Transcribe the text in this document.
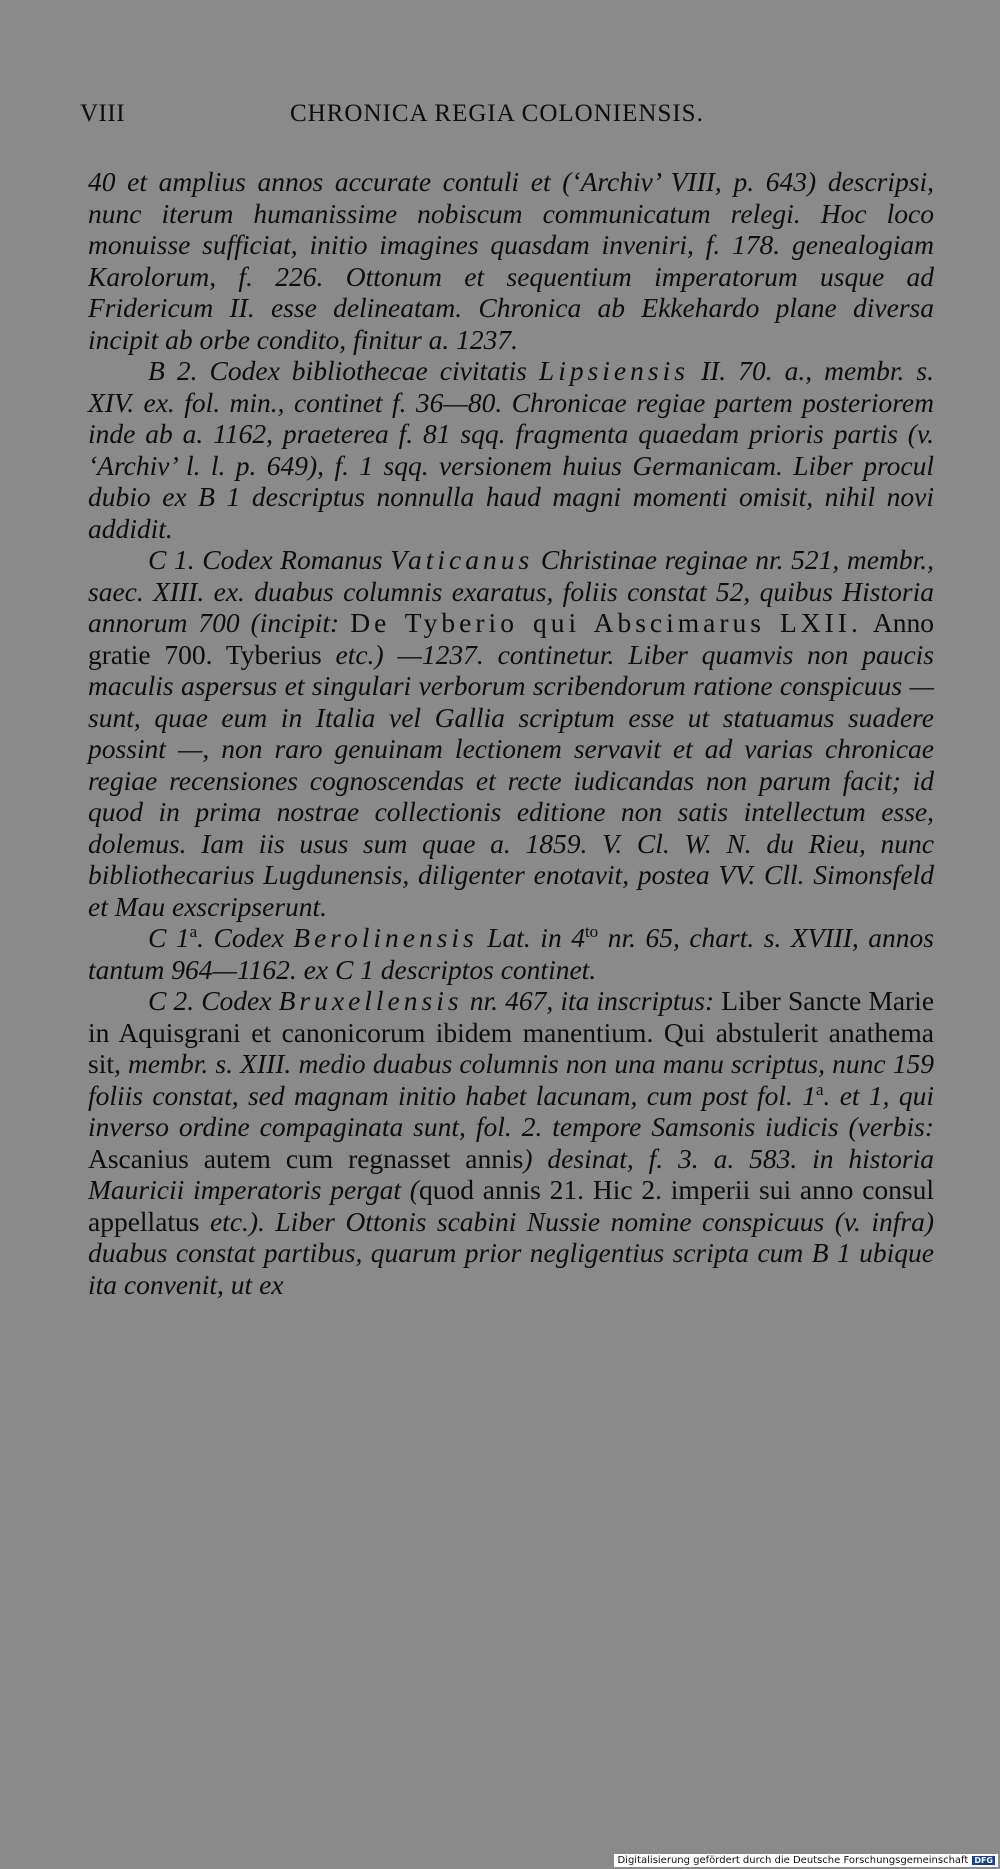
VIII	CHRONICA REGIA COLONIENSIS.

40 et amplius annos accurate contuli et (‘Archiv’ VIII, p. 643) descripsi, nunc iterum humanissime nobiscum communicatum relegi. Hoc loco monuisse sufficiat, initio imagines quasdam inveniri, f. 178. genealogiam Karolorum, f. 226. Ottonum et sequentium imperatorum usque ad Fridericum II. esse delineatam. Chronica ab Ekkehardo plane diversa incipit ab orbe condito, finitur a. 1237.

B 2. Codex bibliothecae civitatis Lipsiensis II. 70. a., membr. s. XIV. ex. fol. min., continet f. 36—80. Chronicae regiae partem posteriorem inde ab a. 1162, praeterea f. 81 sqq. fragmenta quaedam prioris partis (v. ‘Archiv’ l. l. p. 649), f. 1 sqq. versionem huius Germanicam. Liber procul dubio ex B 1 descriptus nonnulla haud magni momenti omisit, nihil novi addidit.

C 1. Codex Romanus Vaticanus Christinae reginae nr. 521, membr., saec. XIII. ex. duabus columnis exaratus, foliis constat 52, quibus Historia annorum 700 (incipit: De Tyberio qui Abscimarus LXII. Anno gratie 700. Tyberius etc.) —1237. continetur. Liber quamvis non paucis maculis aspersus et singulari verborum scribendorum ratione conspicuus — sunt, quae eum in Italia vel Gallia scriptum esse ut statuamus suadere possint —, non raro genuinam lectionem servavit et ad varias chronicae regiae recensiones cognoscendas et recte iudicandas non parum facit; id quod in prima nostrae collectionis editione non satis intellectum esse, dolemus. Iam iis usus sum quae a. 1859. V. Cl. W. N. du Rieu, nunc bibliothecarius Lugdunensis, diligenter enotavit, postea VV. Cll. Simonsfeld et Mau exscripserunt.

C 1$^a$. Codex Berolinensis Lat. in $4^{to}$ nr. 65, chart. s. XVIII, annos tantum 964—1162. ex C 1 descriptos continet.

C 2. Codex Bruxellensis nr. 467, ita inscriptus: Liber Sancte Marie in Aquisgrani et canonicorum ibidem manentium. Qui abstulerit anathema sit, membr. s. XIII. medio duabus columnis non una manu scriptus, nunc 159 foliis constat, sed magnam initio habet lacunam, cum post fol. 1$^a$. et 1, qui inverso ordine compaginata sunt, fol. 2. tempore Samsonis iudicis (verbis: Ascanius autem cum regnasset annis) desinat, f. 3. a. 583. in historia Mauricii imperatoris pergat (quod annis 21. Hic 2. imperii sui anno consul appellatus etc.). Liber Ottonis scabini Nussie nomine conspicuus (v. infra) duabus constat partibus, quarum prior negligentius scripta cum B 1 ubique ita convenit, ut ex

Digitalisierung gefördert durch die Deutsche Forschungsgemeinschaft DFG
